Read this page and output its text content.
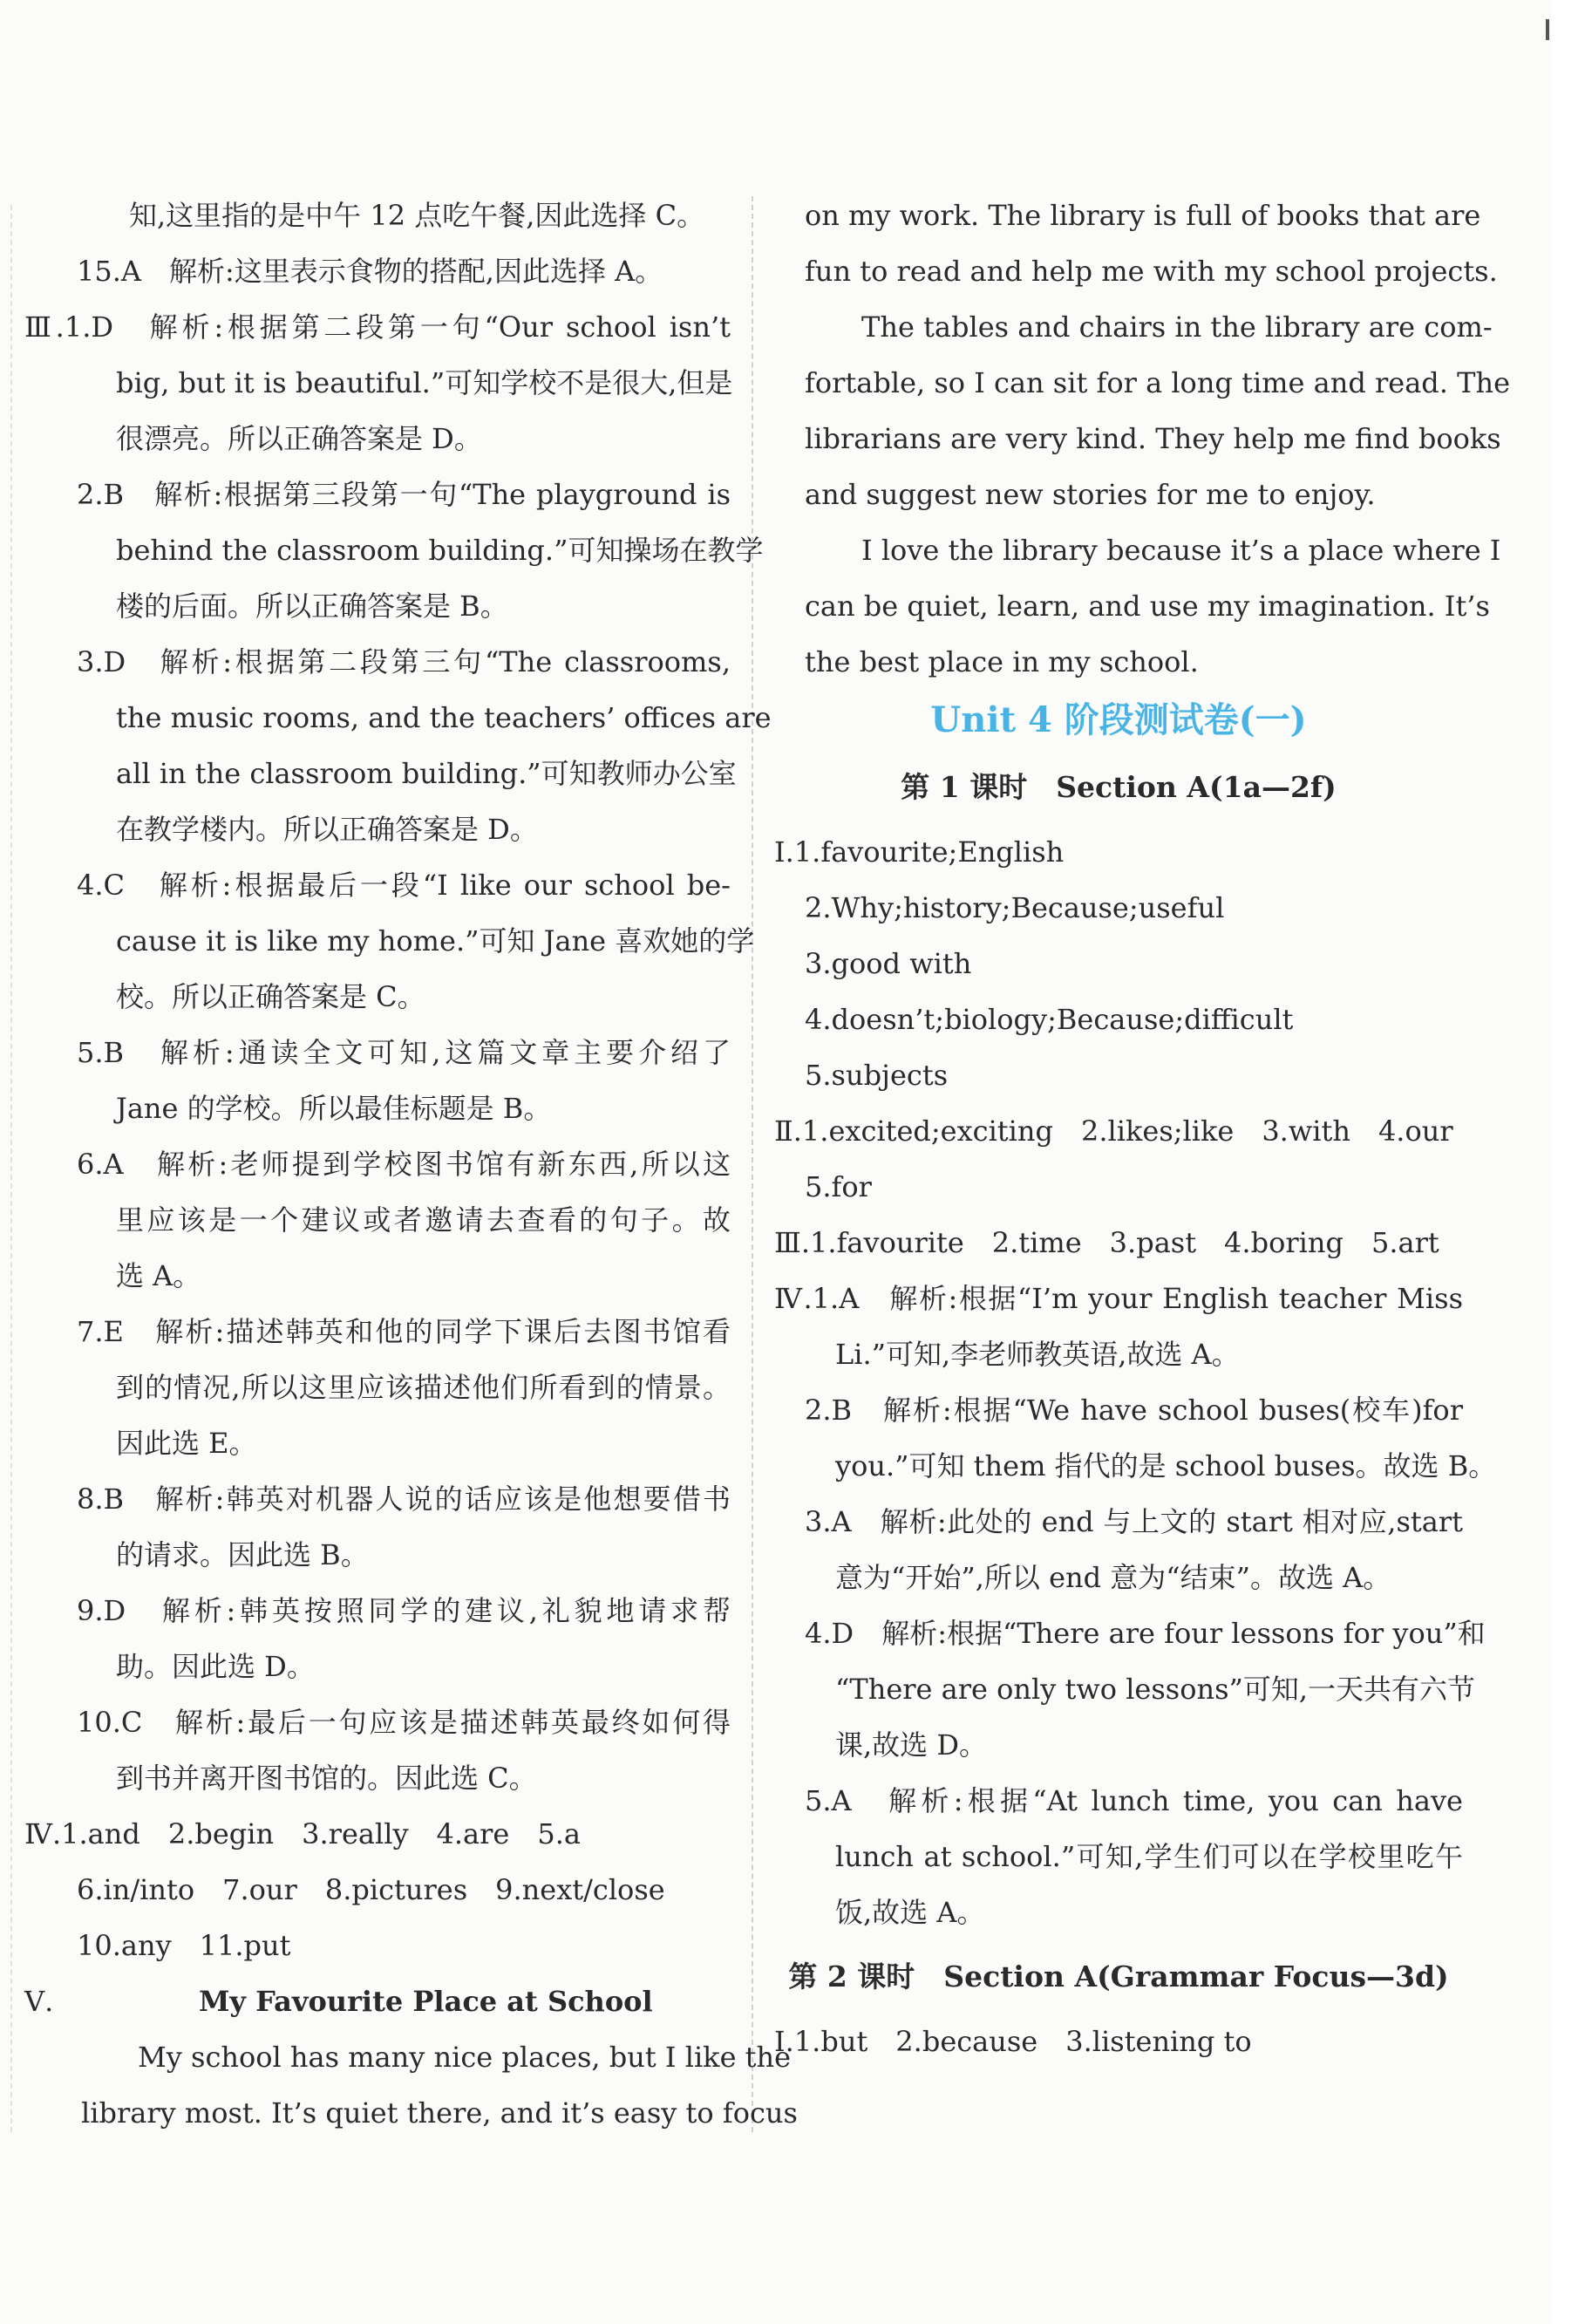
知,这里指的是中午 12 点吃午餐,因此选择 C。
15.A　解析:这里表示食物的搭配,因此选择 A。
Ⅲ.1.D　解析:根据第二段第一句“Our school isn’t
big, but it is beautiful.”可知学校不是很大,但是
很漂亮。所以正确答案是 D。
2.B　解析:根据第三段第一句“The playground is
behind the classroom building.”可知操场在教学
楼的后面。所以正确答案是 B。
3.D　解析:根据第二段第三句“The classrooms,
the music rooms, and the teachers’ offices are
all in the classroom building.”可知教师办公室
在教学楼内。所以正确答案是 D。
4.C　解析:根据最后一段“I like our school be-
cause it is like my home.”可知 Jane 喜欢她的学
校。所以正确答案是 C。
5.B　解析:通读全文可知,这篇文章主要介绍了
Jane 的学校。所以最佳标题是 B。
6.A　解析:老师提到学校图书馆有新东西,所以这
里应该是一个建议或者邀请去查看的句子。故
选 A。
7.E　解析:描述韩英和他的同学下课后去图书馆看
到的情况,所以这里应该描述他们所看到的情景。
因此选 E。
8.B　解析:韩英对机器人说的话应该是他想要借书
的请求。因此选 B。
9.D　解析:韩英按照同学的建议,礼貌地请求帮
助。因此选 D。
10.C　解析:最后一句应该是描述韩英最终如何得
到书并离开图书馆的。因此选 C。
Ⅳ.1.and　2.begin　3.really　4.are　5.a
6.in/into　7.our　8.pictures　9.next/close
10.any　11.put
Ⅴ.	My Favourite Place at School
My school has many nice places, but I like the
library most. It’s quiet there, and it’s easy to focus
on my work. The library is full of books that are
fun to read and help me with my school projects.
The tables and chairs in the library are com-
fortable, so I can sit for a long time and read. The
librarians are very kind. They help me find books
and suggest new stories for me to enjoy.
I love the library because it’s a place where I
can be quiet, learn, and use my imagination. It’s
the best place in my school.
Unit 4 阶段测试卷(一)
第 1 课时　Section A(1a—2f)
Ⅰ.1.favourite;English
2.Why;history;Because;useful
3.good with
4.doesn’t;biology;Because;difficult
5.subjects
Ⅱ.1.excited;exciting　2.likes;like　3.with　4.our
5.for
Ⅲ.1.favourite　2.time　3.past　4.boring　5.art
Ⅳ.1.A　解析:根据“I’m your English teacher Miss
Li.”可知,李老师教英语,故选 A。
2.B　解析:根据“We have school buses(校车)for
you.”可知 them 指代的是 school buses。故选 B。
3.A　解析:此处的 end 与上文的 start 相对应,start
意为“开始”,所以 end 意为“结束”。故选 A。
4.D　解析:根据“There are four lessons for you”和
“There are only two lessons”可知,一天共有六节
课,故选 D。
5.A　解析:根据“At lunch time, you can have
lunch at school.”可知,学生们可以在学校里吃午
饭,故选 A。
第 2 课时　Section A(Grammar Focus—3d)
Ⅰ.1.but　2.because　3.listening to
